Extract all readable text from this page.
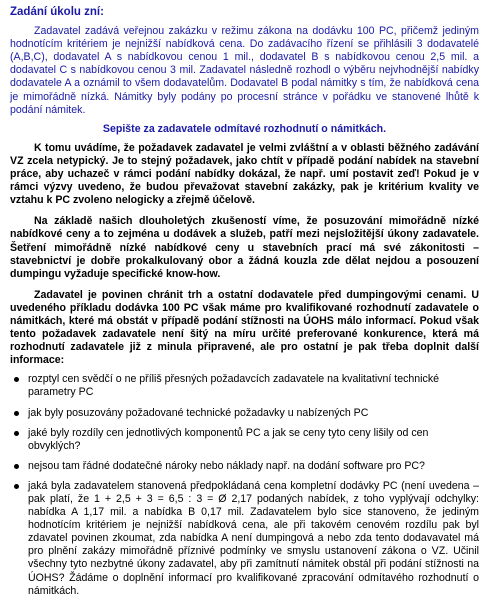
Zadání úkolu zní:

Zadavatel zadává veřejnou zakázku v režimu zákona na dodávku 100 PC, přičemž jediným hodnotícím kritériem je nejnižší nabídková cena. Do zadávacího řízení se přihlásili 3 dodavatelé (A,B,C), dodavatel A s nabídkovou cenou 1 mil., dodavatel B s nabídkovou cenou 2,5 mil. a dodavatel C s nabídkovou cenou 3 mil. Zadavatel následně rozhodl o výběru nejvhodnější nabídky dodavatele A a oznámil to všem dodavatelům. Dodavatel B podal námitky s tím, že nabídková cena je mimořádně nízká. Námitky byly podány po procesní stránce v pořádku ve stanovené lhůtě k podání námitek.

Sepište za zadavatele odmítavé rozhodnutí o námitkách.

K tomu uvádíme, že požadavek zadavatel je velmi zvláštní a v oblasti běžného zadávání VZ zcela netypický. Je to stejný požadavek, jako chtít v případě podání nabídek na stavební práce, aby uchazeč v rámci podání nabídky dokázal, že např. umí postavit zeď! Pokud je v rámci výzvy uvedeno, že budou převažovat stavební zakázky, pak je kritérium kvality ve vztahu k PC zvoleno nelogicky a zřejmě účelově.

Na základě našich dlouholetých zkušeností víme, že posuzování mimořádně nízké nabídkové ceny a to zejména u dodávek a služeb, patří mezi nejsložitější úkony zadavatele. Šetření mimořádně nízké nabídkové ceny u stavebních prací má své zákonitosti – stavebnictví je dobře prokalkulovaný obor a žádná kouzla zde dělat nejdou a posouzení dumpingu vyžaduje specifické know-how.

Zadavatel je povinen chránit trh a ostatní dodavatele před dumpingovými cenami. U uvedeného příkladu dodávka 100 PC však máme pro kvalifikované rozhodnutí zadavatele o námitkách, které má obstát v případě podání stížnosti na ÚOHS málo informací. Pokud však tento požadavek zadavatele není šitý na míru určité preferované konkurence, která má rozhodnutí zadavatele již z minula připravené, ale pro ostatní je pak třeba doplnit další informace:

rozptyl cen svědčí o ne příliš přesných požadavcích zadavatele na kvalitativní technické parametry PC
jak byly posuzovány požadované technické požadavky u nabízených PC
jaké byly rozdíly cen jednotlivých komponentů PC a jak se ceny tyto ceny lišily od cen obvyklých?
nejsou tam řádné dodatečné nároky nebo náklady např. na dodání software pro PC?
jaká byla zadavatelem stanovená předpokládaná cena kompletní dodávky PC (není uvedena – pak platí, že 1 + 2,5 + 3 = 6,5 : 3 = Ø 2,17 podaných nabídek, z toho vyplývají odchylky: nabídka A 1,17 mil. a nabídka B 0,17 mil. Zadavatelem bylo sice stanoveno, že jediným hodnotícím kritériem je nejnižší nabídková cena, ale při takovém cenovém rozdílu pak byl zdavatel povinen zkoumat, zda nabídka A není dumpingová a nebo zda tento dodavavatel má pro plnění zakázy mimořádně příznivé podmínky ve smyslu ustanovení zákona o VZ. Učinil všechny tyto nezbytné úkony zadavatel, aby při zamítnutí námitek obstál při podání stížnosti na ÚOHS? Žádáme o doplnění informací pro kvalifikované zpracování odmítavého rozhodnutí o námitkách.
